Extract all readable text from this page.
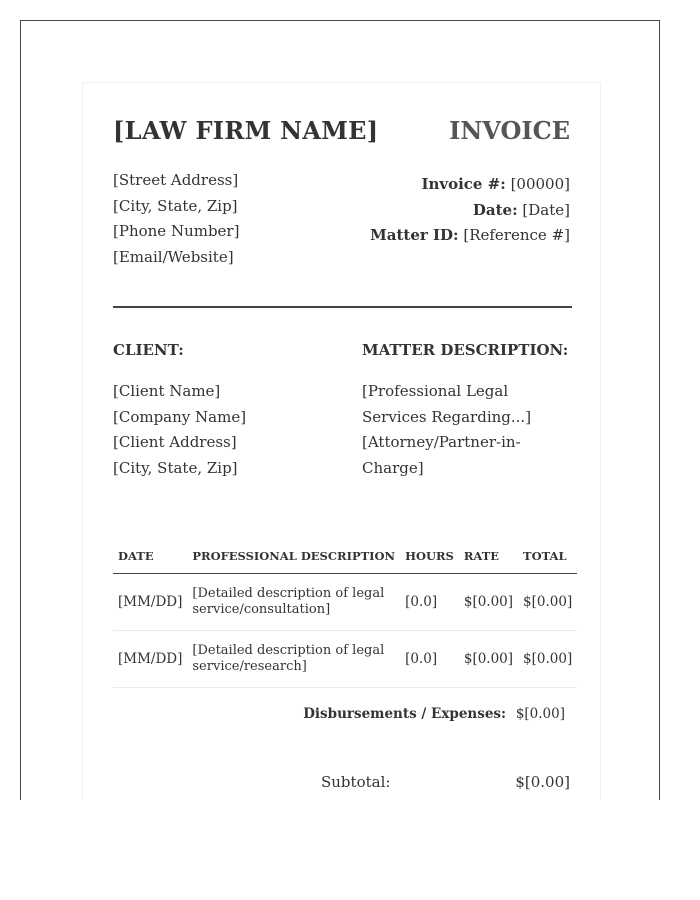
[LAW FIRM NAME]	INVOICE
[Street Address]
[City, State, Zip]
[Phone Number]
[Email/Website]
Invoice #: [00000]
Date: [Date]
Matter ID: [Reference #]
CLIENT:	MATTER DESCRIPTION:
[Client Name]
[Company Name]
[Client Address]
[City, State, Zip]
[Professional Legal Services Regarding...]
[Attorney/Partner-in-Charge]
DATE	PROFESSIONAL DESCRIPTION	HOURS	RATE	TOTAL
[MM/DD]	[Detailed description of legal service/consultation]	[0.0]	$[0.00]	$[0.00]
[MM/DD]	[Detailed description of legal service/research]	[0.0]	$[0.00]	$[0.00]
Disbursements / Expenses: $[0.00]
Subtotal:	$[0.00]
